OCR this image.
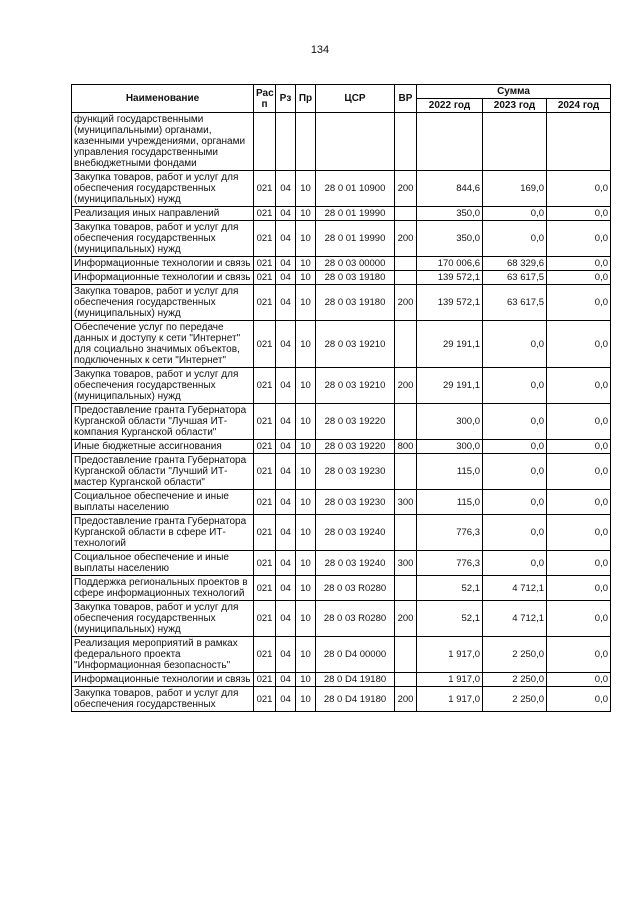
134
Наименование	Рас п	Рз	Пр	ЦСР	ВР	Сумма		
						2022 год	2023 год	2024 год
функций государственными (муниципальными) органами, казенными учреждениями, органами управления государственными внебюджетными фондами								
Закупка товаров, работ и услуг для обеспечения государственных (муниципальных) нужд	021	04	10	28 0 01 10900	200	844,6	169,0	0,0
Реализация иных направлений	021	04	10	28 0 01 19990		350,0	0,0	0,0
Закупка товаров, работ и услуг для обеспечения государственных (муниципальных) нужд	021	04	10	28 0 01 19990	200	350,0	0,0	0,0
Информационные технологии и связь	021	04	10	28 0 03 00000		170 006,6	68 329,6	0,0
Информационные технологии и связь	021	04	10	28 0 03 19180		139 572,1	63 617,5	0,0
Закупка товаров, работ и услуг для обеспечения государственных (муниципальных) нужд	021	04	10	28 0 03 19180	200	139 572,1	63 617,5	0,0
Обеспечение услуг по передаче данных и доступу к сети "Интернет" для социально значимых объектов, подключенных к сети "Интернет"	021	04	10	28 0 03 19210		29 191,1	0,0	0,0
Закупка товаров, работ и услуг для обеспечения государственных (муниципальных) нужд	021	04	10	28 0 03 19210	200	29 191,1	0,0	0,0
Предоставление гранта Губернатора Курганской области "Лучшая ИТ-компания Курганской области"	021	04	10	28 0 03 19220		300,0	0,0	0,0
Иные бюджетные ассигнования	021	04	10	28 0 03 19220	800	300,0	0,0	0,0
Предоставление гранта Губернатора Курганской области "Лучший ИТ-мастер Курганской области"	021	04	10	28 0 03 19230		115,0	0,0	0,0
Социальное обеспечение и иные выплаты населению	021	04	10	28 0 03 19230	300	115,0	0,0	0,0
Предоставление гранта Губернатора Курганской области в сфере ИТ-технологий	021	04	10	28 0 03 19240		776,3	0,0	0,0
Социальное обеспечение и иные выплаты населению	021	04	10	28 0 03 19240	300	776,3	0,0	0,0
Поддержка региональных проектов в сфере информационных технологий	021	04	10	28 0 03 R0280		52,1	4 712,1	0,0
Закупка товаров, работ и услуг для обеспечения государственных (муниципальных) нужд	021	04	10	28 0 03 R0280	200	52,1	4 712,1	0,0
Реализация мероприятий в рамках федерального проекта "Информационная безопасность"	021	04	10	28 0 D4 00000		1 917,0	2 250,0	0,0
Информационные технологии и связь	021	04	10	28 0 D4 19180		1 917,0	2 250,0	0,0
Закупка товаров, работ и услуг для обеспечения государственных	021	04	10	28 0 D4 19180	200	1 917,0	2 250,0	0,0
